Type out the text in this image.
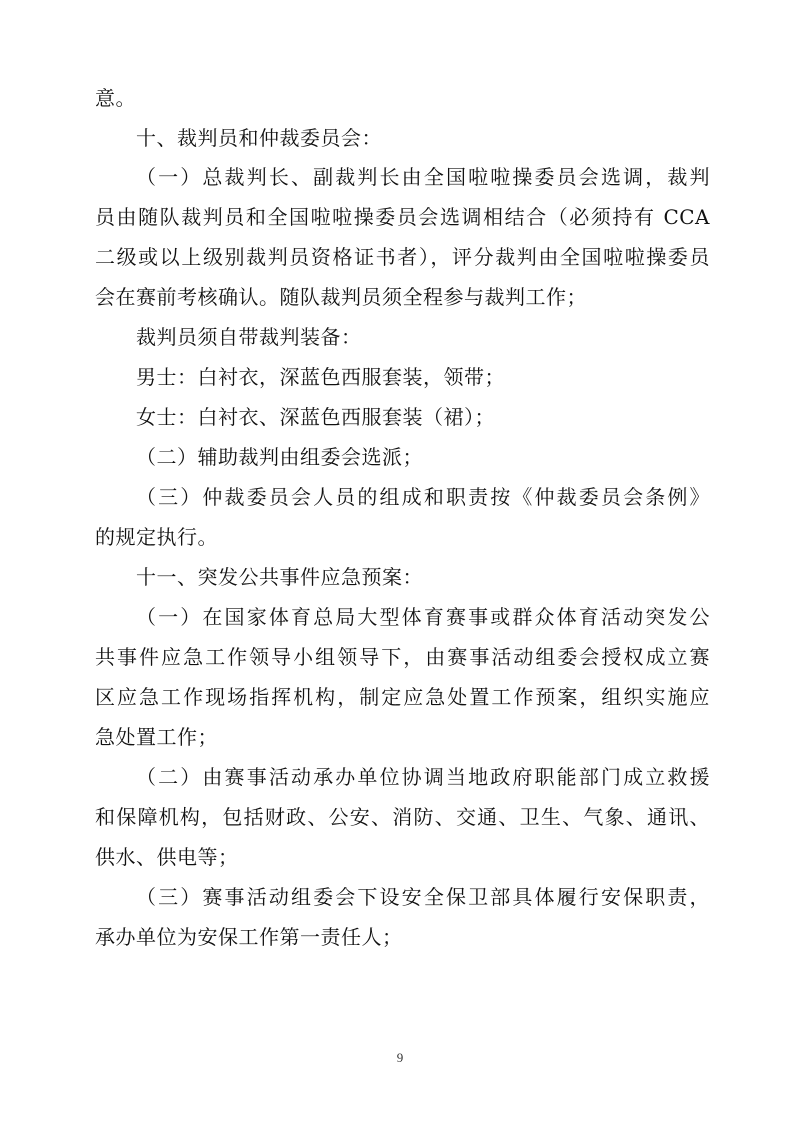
意。
十、裁判员和仲裁委员会：
（一）总裁判长、副裁判长由全国啦啦操委员会选调，裁判
员由随队裁判员和全国啦啦操委员会选调相结合（必须持有 CCA
二级或以上级别裁判员资格证书者），评分裁判由全国啦啦操委员
会在赛前考核确认。随队裁判员须全程参与裁判工作；
裁判员须自带裁判装备：
男士：白衬衣，深蓝色西服套装，领带；
女士：白衬衣、深蓝色西服套装（裙）；
（二）辅助裁判由组委会选派；
（三）仲裁委员会人员的组成和职责按《仲裁委员会条例》
的规定执行。
十一、突发公共事件应急预案：
（一）在国家体育总局大型体育赛事或群众体育活动突发公
共事件应急工作领导小组领导下，由赛事活动组委会授权成立赛
区应急工作现场指挥机构，制定应急处置工作预案，组织实施应
急处置工作；
（二）由赛事活动承办单位协调当地政府职能部门成立救援
和保障机构，包括财政、公安、消防、交通、卫生、气象、通讯、
供水、供电等；
（三）赛事活动组委会下设安全保卫部具体履行安保职责，
承办单位为安保工作第一责任人；
9
